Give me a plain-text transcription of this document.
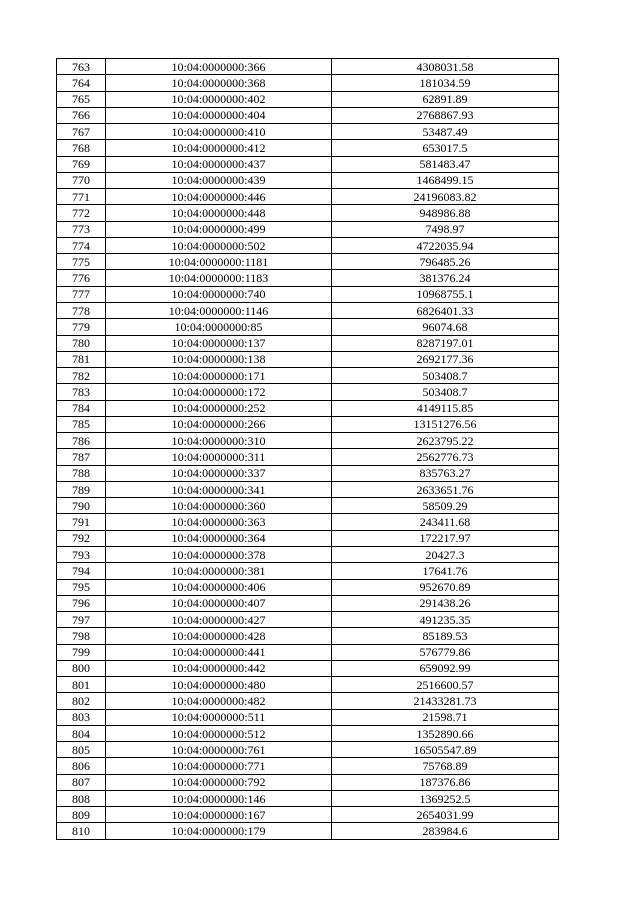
763	10:04:0000000:366	4308031.58
764	10:04:0000000:368	181034.59
765	10:04:0000000:402	62891.89
766	10:04:0000000:404	2768867.93
767	10:04:0000000:410	53487.49
768	10:04:0000000:412	653017.5
769	10:04:0000000:437	581483.47
770	10:04:0000000:439	1468499.15
771	10:04:0000000:446	24196083.82
772	10:04:0000000:448	948986.88
773	10:04:0000000:499	7498.97
774	10:04:0000000:502	4722035.94
775	10:04:0000000:1181	796485.26
776	10:04:0000000:1183	381376.24
777	10:04:0000000:740	10968755.1
778	10:04:0000000:1146	6826401.33
779	10:04:0000000:85	96074.68
780	10:04:0000000:137	8287197.01
781	10:04:0000000:138	2692177.36
782	10:04:0000000:171	503408.7
783	10:04:0000000:172	503408.7
784	10:04:0000000:252	4149115.85
785	10:04:0000000:266	13151276.56
786	10:04:0000000:310	2623795.22
787	10:04:0000000:311	2562776.73
788	10:04:0000000:337	835763.27
789	10:04:0000000:341	2633651.76
790	10:04:0000000:360	58509.29
791	10:04:0000000:363	243411.68
792	10:04:0000000:364	172217.97
793	10:04:0000000:378	20427.3
794	10:04:0000000:381	17641.76
795	10:04:0000000:406	952670.89
796	10:04:0000000:407	291438.26
797	10:04:0000000:427	491235.35
798	10:04:0000000:428	85189.53
799	10:04:0000000:441	576779.86
800	10:04:0000000:442	659092.99
801	10:04:0000000:480	2516600.57
802	10:04:0000000:482	21433281.73
803	10:04:0000000:511	21598.71
804	10:04:0000000:512	1352890.66
805	10:04:0000000:761	16505547.89
806	10:04:0000000:771	75768.89
807	10:04:0000000:792	187376.86
808	10:04:0000000:146	1369252.5
809	10:04:0000000:167	2654031.99
810	10:04:0000000:179	283984.6
